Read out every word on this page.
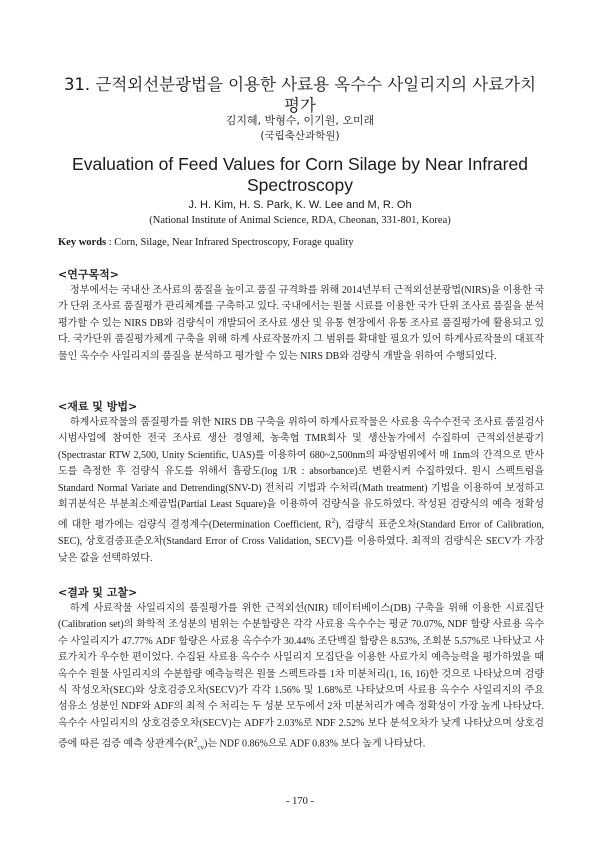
31. 근적외선분광법을 이용한 사료용 옥수수 사일리지의 사료가치
평가
김지혜, 박형수, 이기원, 오미래
(국립축산과학원)
Evaluation of Feed Values for Corn Silage by Near Infrared
Spectroscopy
J. H. Kim, H. S. Park, K. W. Lee and M, R. Oh
(National Institute of Animal Science, RDA, Cheonan, 331-801, Korea)
Key words : Corn, Silage, Near Infrared Spectroscopy, Forage quality
<연구목적>

정부에서는 국내산 조사료의 품질을 높이고 품질 규격화를 위해 2014년부터 근적외선분광법(NIRS)을 이용한 국가 단위 조사료 품질평가 관리체계를 구축하고 있다. 국내에서는 원물 시료를 이용한 국가 단위 조사료 품질을 분석 평가할 수 있는 NIRS DB와 검량식이 개발되어 조사료 생산 및 유통 현장에서 유통 조사료 품질평가에 활용되고 있다. 국가단위 품질평가체계 구축을 위해 하계 사료작물까지 그 범위를 확대할 필요가 있어 하계사료작물의 대표작물인 옥수수 사일리지의 품질을 분석하고 평가할 수 있는 NIRS DB와 검량식 개발을 위하여 수행되었다.

<재료 및 방법>

하계사료작물의 품질평가를 위한 NIRS DB 구축을 위하여 하계사료작물은 사료용 옥수수전국 조사료 품질검사 시범사업에 참여한 전국 조사료 생산 경영체, 농축협 TMR회사 및 생산농가에서 수집하여 근적외선분광기(Spectrastar RTW 2,500, Unity Scientific, UAS)를 이용하여 680~2,500nm의 파장범위에서 매 1nm의 간격으로 반사도를 측정한 후 검량식 유도를 위해서 흡광도(log 1/R : absorbance)로 변환시켜 수집하였다. 원시 스펙트럼을 Standard Normal Variate and Detrending(SNV-D) 전처리 기법과 수처리(Math treatment) 기법을 이용하여 보정하고 회귀분석은 부분최소제곱법(Partial Least Square)을 이용하여 검량식을 유도하였다. 작성된 검량식의 예측 정확성에 대한 평가에는 검량식 결정계수(Determination Coefficient, $R^2$), 검량식 표준오차(Standard Error of Calibration, SEC), 상호검증표준오차(Standard Error of Cross Validation, SECV)를 이용하였다. 최적의 검량식은 SECV가 가장 낮은 값을 선택하였다.

<결과 및 고찰>

하계 사료작물 사일리지의 품질평가를 위한 근적외선(NIR) 데이터베이스(DB) 구축을 위해 이용한 시료집단(Calibration set)의 화학적 조성분의 범위는 수분함량은 각각 사료용 옥수수는 평균 70.07%, NDF 함량 사료용 옥수수 사일리지가 47.77% ADF 함량은 사료용 옥수수가 30.44% 조단백질 함량은 8.53%, 조회분 5.57%로 나타났고 사료가치가 우수한 편이었다. 수집된 사료용 옥수수 사일리지 모집단을 이용한 사료가치 예측능력을 평가하였을 때 옥수수 원물 사일리지의 수분함량 예측능력은 원물 스펙트라를 1차 미분처리(1, 16, 16)한 것으로 나타났으며 검량식 작성오차(SEC)와 상호검증오차(SECV)가 각각 1.56% 및 1.68%로 나타났으며 사료용 옥수수 사일리지의 주요 섬유소 성분인 NDF와 ADF의 최적 수 처리는 두 성분 모두에서 2차 미분처리가 예측 정확성이 가장 높게 나타났다. 옥수수 사일리지의 상호검증오차(SECV)는 ADF가 2.03%로 NDF 2.52% 보다 분석오차가 낮게 나타났으며 상호검증에 따른 검증 예측 상관계수$(R^2_{cv})$는 NDF 0.86%으로 ADF 0.83% 보다 높게 나타났다.

- 170 -
